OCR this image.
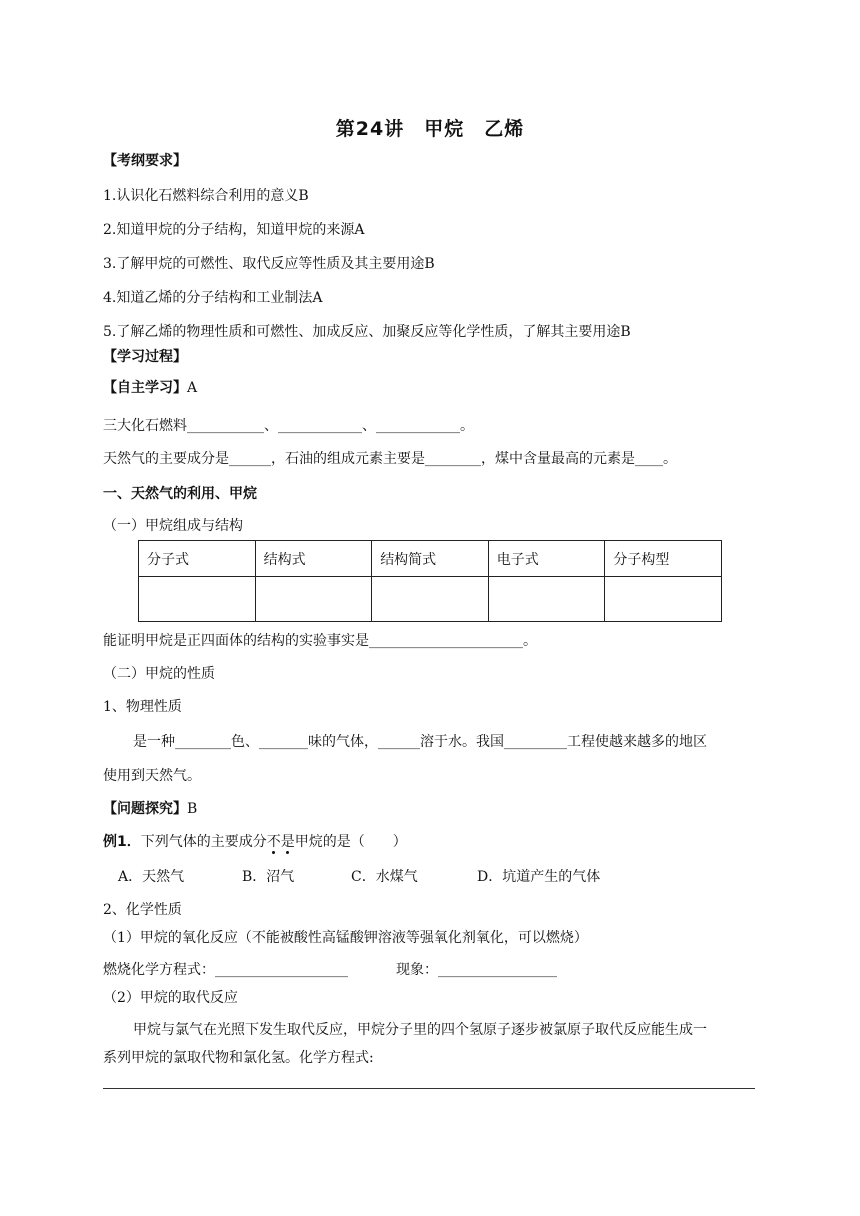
第24讲　甲烷　乙烯
【考纲要求】
1.认识化石燃料综合利用的意义B
2.知道甲烷的分子结构，知道甲烷的来源A
3.了解甲烷的可燃性、取代反应等性质及其主要用途B
4.知道乙烯的分子结构和工业制法A
5.了解乙烯的物理性质和可燃性、加成反应、加聚反应等化学性质，了解其主要用途B
【学习过程】
【自主学习】A
三大化石燃料___________、____________、____________。
天然气的主要成分是______，石油的组成元素主要是________，煤中含量最高的元素是____。
一、天然气的利用、甲烷
（一）甲烷组成与结构
分子式	结构式	结构简式	电子式	分子构型

能证明甲烷是正四面体的结构的实验事实是______________________。
（二）甲烷的性质
1、物理性质
是一种________色、_______味的气体，______溶于水。我国_________工程使越来越多的地区
使用到天然气。
【问题探究】B
例1．下列气体的主要成分不是甲烷的是（　　）
A．天然气	B．沼气	C．水煤气	D．坑道产生的气体
2、化学性质
（1）甲烷的氧化反应（不能被酸性高锰酸钾溶液等强氧化剂氧化，可以燃烧）
燃烧化学方程式：___________________	现象：_________________
（2）甲烷的取代反应
甲烷与氯气在光照下发生取代反应，甲烷分子里的四个氢原子逐步被氯原子取代反应能生成一
系列甲烷的氯取代物和氯化氢。化学方程式:
